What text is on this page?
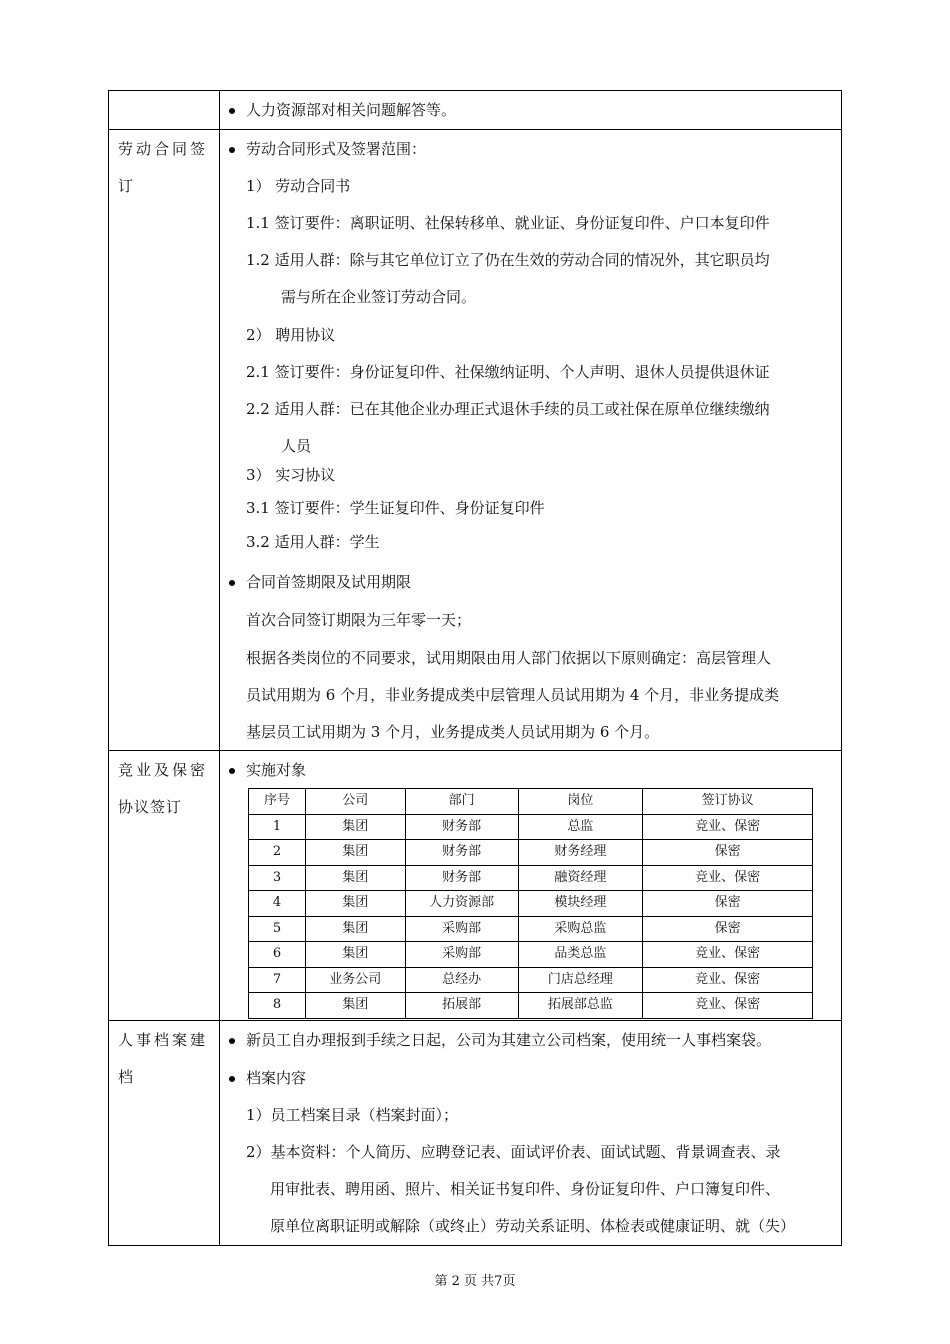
人力资源部对相关问题解答等。
劳动合同签
订
劳动合同形式及签署范围：
1） 劳动合同书
1.1 签订要件：离职证明、社保转移单、就业证、身份证复印件、户口本复印件
1.2 适用人群：除与其它单位订立了仍在生效的劳动合同的情况外，其它职员均
需与所在企业签订劳动合同。
2） 聘用协议
2.1 签订要件：身份证复印件、社保缴纳证明、个人声明、退休人员提供退休证
2.2 适用人群：已在其他企业办理正式退休手续的员工或社保在原单位继续缴纳
人员
3） 实习协议
3.1 签订要件：学生证复印件、身份证复印件
3.2 适用人群：学生
合同首签期限及试用期限
首次合同签订期限为三年零一天；
根据各类岗位的不同要求，试用期限由用人部门依据以下原则确定：高层管理人
员试用期为 6 个月，非业务提成类中层管理人员试用期为 4 个月，非业务提成类
基层员工试用期为 3 个月，业务提成类人员试用期为 6 个月。
竞业及保密
协议签订
实施对象
序号	公司	部门	岗位	签订协议
1	集团	财务部	总监	竞业、保密
2	集团	财务部	财务经理	保密
3	集团	财务部	融资经理	竞业、保密
4	集团	人力资源部	模块经理	保密
5	集团	采购部	采购总监	保密
6	集团	采购部	品类总监	竞业、保密
7	业务公司	总经办	门店总经理	竞业、保密
8	集团	拓展部	拓展部总监	竞业、保密
人事档案建
档
新员工自办理报到手续之日起，公司为其建立公司档案，使用统一人事档案袋。
档案内容
1）员工档案目录（档案封面）；
2）基本资料：个人简历、应聘登记表、面试评价表、面试试题、背景调查表、录
用审批表、聘用函、照片、相关证书复印件、身份证复印件、户口簿复印件、
原单位离职证明或解除（或终止）劳动关系证明、体检表或健康证明、就（失）
第 2 页 共7页
